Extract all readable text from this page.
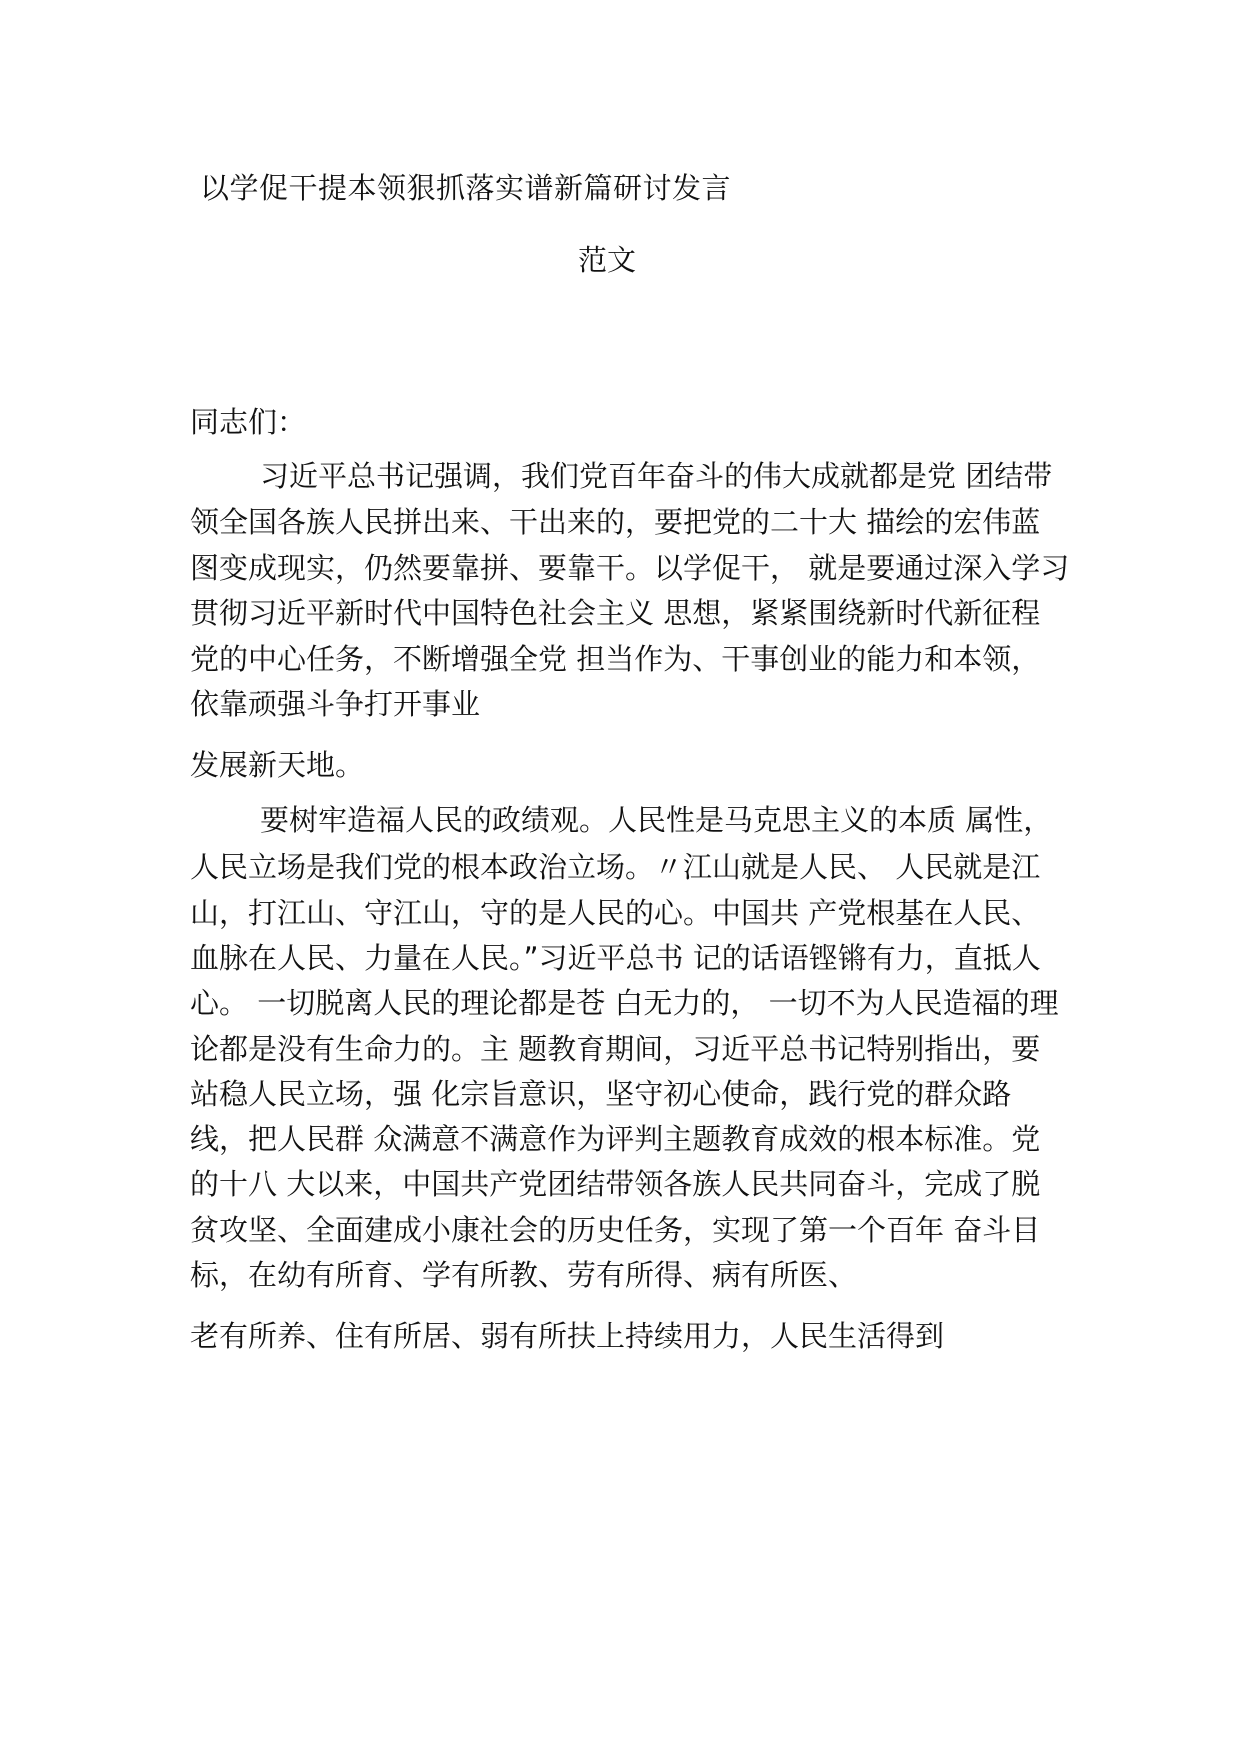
以学促干提本领狠抓落实谱新篇研讨发言
范文
同志们：
习近平总书记强调，我们党百年奋斗的伟大成就都是党 团结带
领全国各族人民拼出来、干出来的，要把党的二十大 描绘的宏伟蓝
图变成现实，仍然要靠拼、要靠干。以学促干， 就是要通过深入学习
贯彻习近平新时代中国特色社会主义 思想，紧紧围绕新时代新征程
党的中心任务，不断增强全党 担当作为、干事创业的能力和本领，
依靠顽强斗争打开事业
发展新天地。
要树牢造福人民的政绩观。人民性是马克思主义的本质 属性，
人民立场是我们党的根本政治立场。〃江山就是人民、 人民就是江
山，打江山、守江山，守的是人民的心。中国共 产党根基在人民、
血脉在人民、力量在人民。”习近平总书 记的话语铿锵有力，直抵人
心。 一切脱离人民的理论都是苍 白无力的， 一切不为人民造福的理
论都是没有生命力的。主 题教育期间，习近平总书记特别指出，要
站稳人民立场，强 化宗旨意识，坚守初心使命，践行党的群众路
线，把人民群 众满意不满意作为评判主题教育成效的根本标准。党
的十八 大以来，中国共产党团结带领各族人民共同奋斗，完成了脱
贫攻坚、全面建成小康社会的历史任务，实现了第一个百年 奋斗目
标，在幼有所育、学有所教、劳有所得、病有所医、
老有所养、住有所居、弱有所扶上持续用力，人民生活得到
